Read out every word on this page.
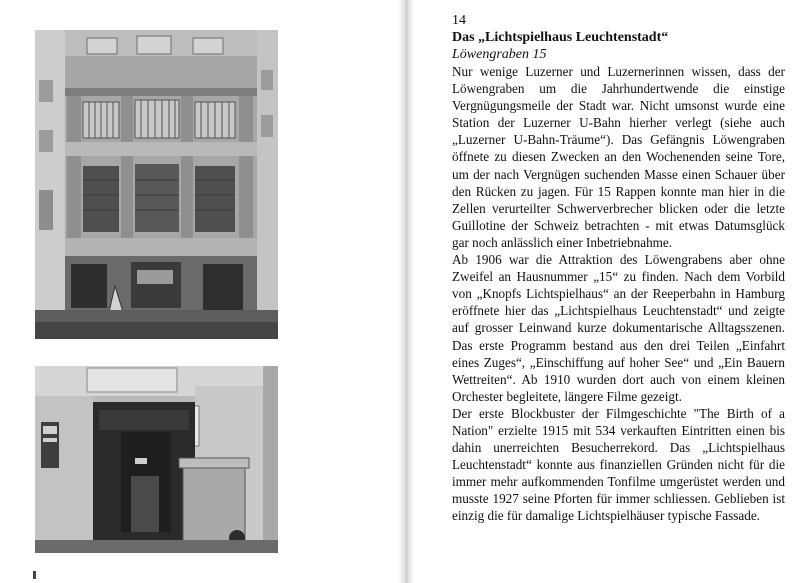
14
Das „Lichtspielhaus Leuchtenstadt“
Löwengraben 15

Nur wenige Luzerner und Luzernerinnen wissen, dass der Löwengraben um die Jahrhundertwende die einstige Vergnügungsmeile der Stadt war. Nicht umsonst wurde eine Station der Luzerner U-Bahn hierher verlegt (siehe auch „Luzerner U-Bahn-Träume“). Das Gefängnis Löwengraben öffnete zu diesen Zwecken an den Wochenenden seine Tore, um der nach Vergnügen suchenden Masse einen Schauer über den Rücken zu jagen. Für 15 Rappen konnte man hier in die Zellen verurteilter Schwerverbrecher blicken oder die letzte Guillotine der Schweiz betrachten - mit etwas Datumsglück gar noch anlässlich einer Inbetriebnahme.

Ab 1906 war die Attraktion des Löwengrabens aber ohne Zweifel an Hausnummer „15“ zu finden. Nach dem Vorbild von „Knopfs Lichtspielhaus“ an der Reeperbahn in Hamburg eröffnete hier das „Lichtspielhaus Leuchtenstadt“ und zeigte auf grosser Leinwand kurze dokumentarische Alltagsszenen. Das erste Programm bestand aus den drei Teilen „Einfahrt eines Zuges“, „Einschiffung auf hoher See“ und „Ein Bauern Wettreiten“. Ab 1910 wurden dort auch von einem kleinen Orchester begleitete, längere Filme gezeigt.

Der erste Blockbuster der Filmgeschichte "The Birth of a Nation" erzielte 1915 mit 534 verkauften Eintritten einen bis dahin unerreichten Besucherrekord. Das „Lichtspielhaus Leuchtenstadt“ konnte aus finanziellen Gründen nicht für die immer mehr aufkommenden Tonfilme umgerüstet werden und musste 1927 seine Pforten für immer schliessen. Geblieben ist einzig die für damalige Lichtspielhäuser typische Fassade.
